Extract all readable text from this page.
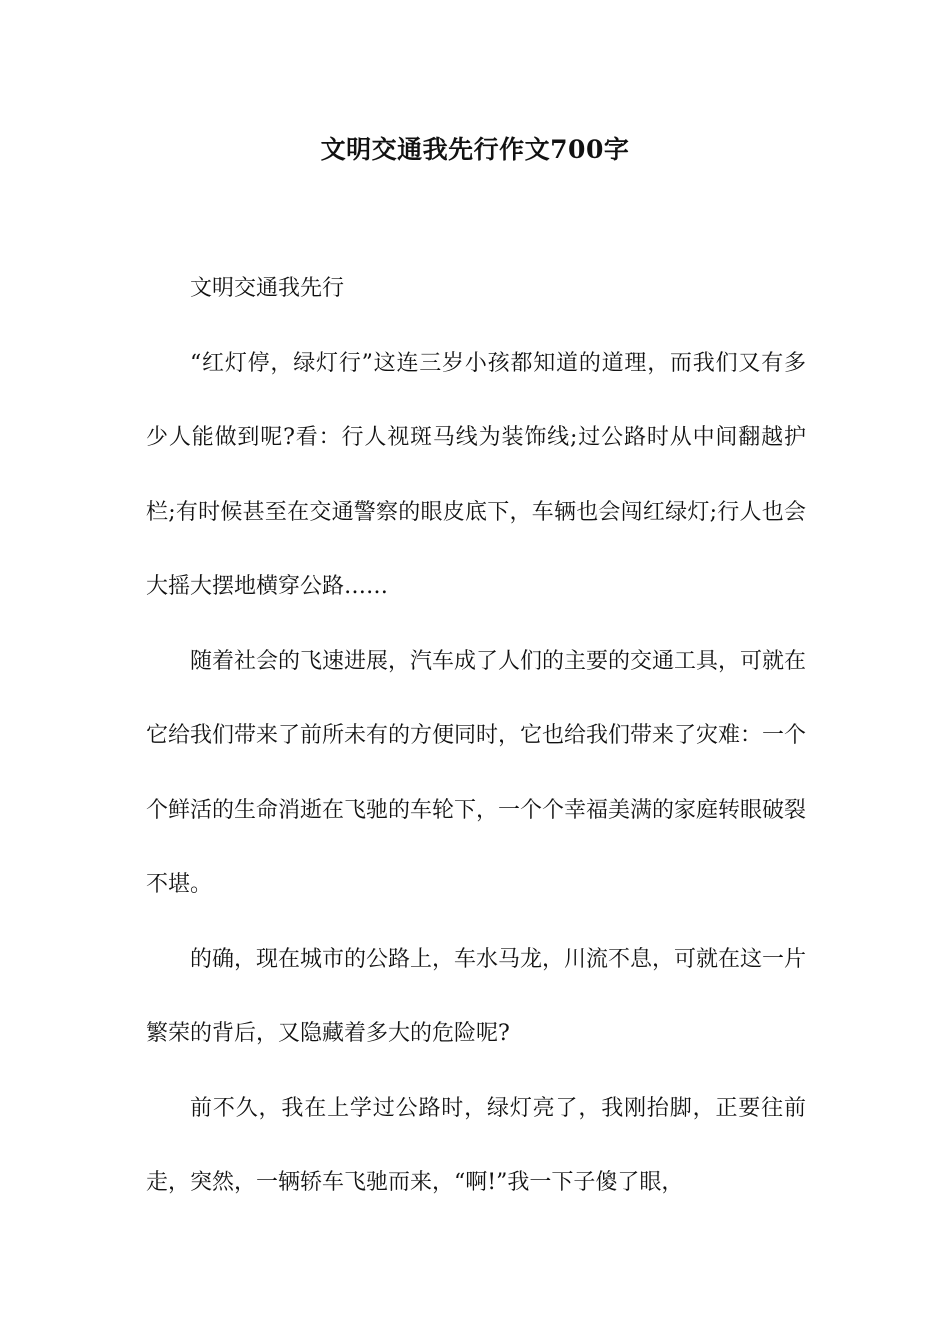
文明交通我先行作文700字

文明交通我先行

“红灯停，绿灯行”这连三岁小孩都知道的道理，而我们又有多少人能做到呢?看：行人视斑马线为装饰线;过公路时从中间翻越护栏;有时候甚至在交通警察的眼皮底下，车辆也会闯红绿灯;行人也会大摇大摆地横穿公路……

随着社会的飞速进展，汽车成了人们的主要的交通工具，可就在它给我们带来了前所未有的方便同时，它也给我们带来了灾难：一个个鲜活的生命消逝在飞驰的车轮下，一个个幸福美满的家庭转眼破裂不堪。

的确，现在城市的公路上，车水马龙，川流不息，可就在这一片繁荣的背后，又隐藏着多大的危险呢?

前不久，我在上学过公路时，绿灯亮了，我刚抬脚，正要往前走，突然，一辆轿车飞驰而来，“啊!”我一下子傻了眼，
